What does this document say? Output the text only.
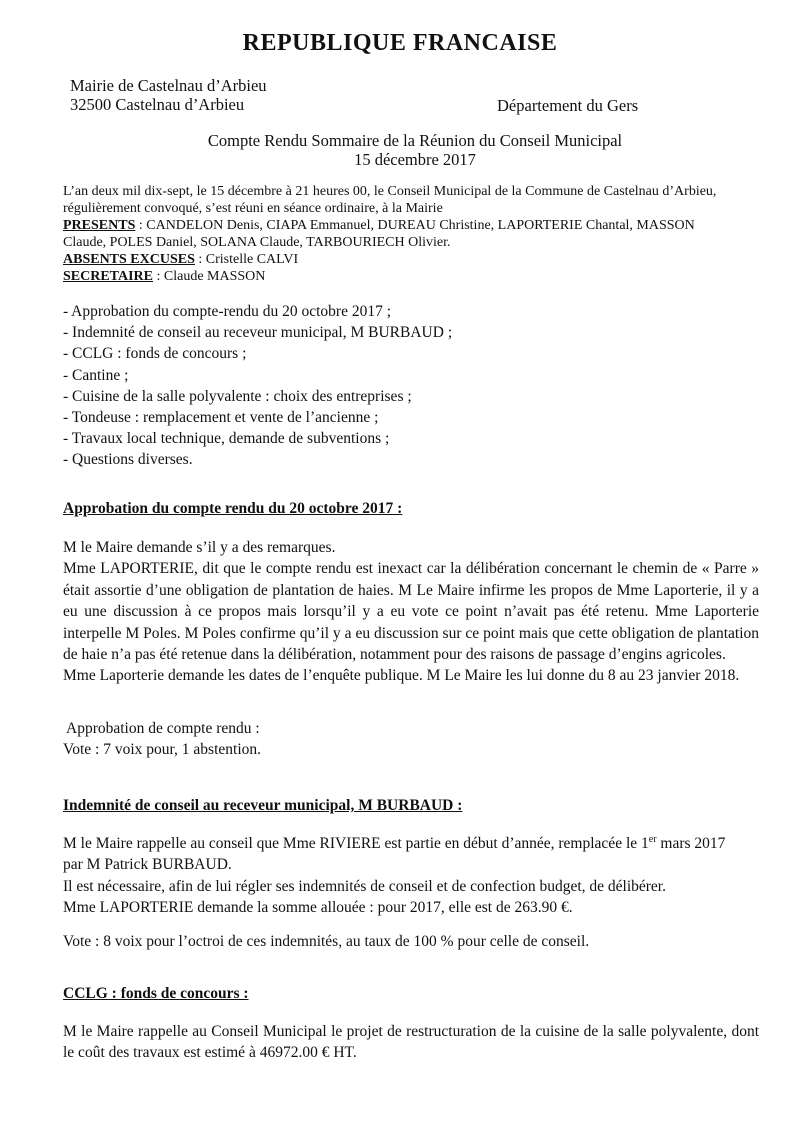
REPUBLIQUE FRANCAISE
Mairie de Castelnau d’Arbieu
32500 Castelnau d’Arbieu	Département du Gers
Compte Rendu Sommaire de la Réunion du Conseil Municipal
15 décembre 2017
L’an deux mil dix-sept, le 15 décembre à 21 heures 00, le Conseil Municipal de la Commune de Castelnau d’Arbieu,
régulièrement convoqué, s’est réuni en séance ordinaire, à la Mairie
PRESENTS : CANDELON Denis, CIAPA Emmanuel, DUREAU Christine, LAPORTERIE Chantal, MASSON
Claude, POLES Daniel, SOLANA Claude, TARBOURIECH Olivier.
ABSENTS EXCUSES : Cristelle CALVI
SECRETAIRE : Claude MASSON
- Approbation du compte-rendu du 20 octobre 2017 ;
- Indemnité de conseil au receveur municipal, M BURBAUD ;
- CCLG : fonds de concours ;
- Cantine ;
- Cuisine de la salle polyvalente : choix des entreprises ;
- Tondeuse : remplacement et vente de l’ancienne ;
- Travaux local technique, demande de subventions ;
- Questions diverses.
Approbation du compte rendu du 20 octobre 2017 :

M le Maire demande s’il y a des remarques.

Mme LAPORTERIE, dit que le compte rendu est inexact car la délibération concernant le chemin de « Parre » était assortie d’une obligation de plantation de haies. M Le Maire infirme les propos de Mme Laporterie, il y a eu une discussion à ce propos mais lorsqu’il y a eu vote ce point n’avait pas été retenu. Mme Laporterie interpelle M Poles. M Poles confirme qu’il y a eu discussion sur ce point mais que cette obligation de plantation de haie n’a pas été retenue dans la délibération, notamment pour des raisons de passage d’engins agricoles.

Mme Laporterie demande les dates de l’enquête publique. M Le Maire les lui donne du 8 au 23 janvier 2018.

Approbation de compte rendu :

Vote : 7 voix pour, 1 abstention.

Indemnité de conseil au receveur municipal, M BURBAUD :
M le Maire rappelle au conseil que Mme RIVIERE est partie en début d’année, remplacée le 1er mars 2017
par M Patrick BURBAUD.
Il est nécessaire, afin de lui régler ses indemnités de conseil et de confection budget, de délibérer.
Mme LAPORTERIE demande la somme allouée : pour 2017, elle est de 263.90 €.
Vote : 8 voix pour l’octroi de ces indemnités, au taux de 100 % pour celle de conseil.
CCLG : fonds de concours :
M le Maire rappelle au Conseil Municipal le projet de restructuration de la cuisine de la salle polyvalente, dont le coût des travaux est estimé à 46972.00 € HT.
